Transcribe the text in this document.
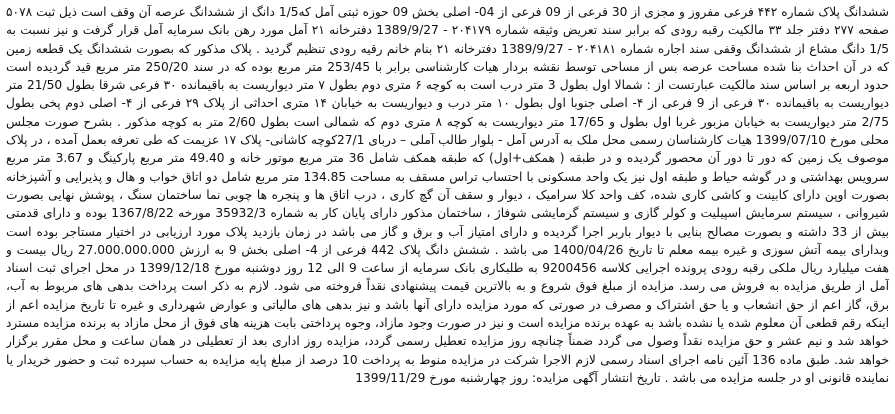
ششدانگ پلاک شماره ۴۴۲ فرعی مفروز و مجزی از 30 فرعی از 09 فرعی از 04- اصلی بخش 09 حوزه ثبتی آمل که1/5 دانگ از ششدانگ عرصه آن وقف است ذیل ثبت ۵۰۷۸ صفحه ۲۷۷ دفتر جلد ۳۳ مالکیت رقبه رودی که برابر سند تعریض وثیقه شماره ۲۰۴۱۷۹ - 1389/9/27 دفترخانه ۲۱ آمل مورد رهن بانک سرمایه آمل قرار گرفت و نیز نسبت به 1/5 دانگ مشاع از ششدانگ وقفی سند اجاره شماره ۲۰۴۱۸۱ - 1389/9/27 دفترخانه ۲۱ بنام خانم رقیه رودی تنظیم گردید . پلاک مذکور که بصورت ششدانگ یک قطعه زمین که در آن احداث بنا شده مساحت عرصه بس از مساحی توسط نقشه بردار هیات کارشناسی برابر با 253/45 متر مربع بوده که در سند 250/20 متر مربع قید گردیده است حدود اربعه بر اساس سند مالکیت عبارتست از : شمالا اول بطول 3 متر درب است به کوچه ۶ متری دوم بطول ۷ متر دیواریست به باقیمانده ۳۰ فرعی شرقا بطول 21/50 متر دیواریست به باقیمانده ۳۰ فرعی از 9 فرعی از ۴- اصلی جنوبا اول بطول ۱۰ متر درب و دیواریست به خیابان ۱۴ متری احداثی از پلاک ۲۹ فرعی از ۴- اصلی دوم پخی بطول 2/75 متر دیواریست به خیابان مزبور غربا اول بطول و 17/65 متر دیواریست به کوچه ۸ متری دوم که شمالی است بطول 2/60 متر به کوچه مذکور . بشرح صورت مجلس محلی مورخ 1399/07/10 هیات کارشناسان رسمی محل ملک به آدرس آمل - بلوار طالب آملی – دربای 27/1کوچه کاشانی- پلاک ۱۷ عزیمت که طی تعرفه بعمل آمده ، در پلاک موصوف یک زمین که دور تا دور آن محصور گردیده و در طبقه ( همکف+اول) که طبقه همکف شامل 36 متر مربع موتور خانه و 49.40 متر مربع پارکینگ و 3.67 متر مربع سرویس بهداشتی و در گوشه حیاط و طبقه اول نیز یک واحد مسکونی با احتساب تراس مسقف به مساحت 134.85 متر مربع شامل دو اتاق خواب و هال و پذیرایی و آشپزخانه بصورت اوپن دارای کابینت و کاشی کاری شده، کف واحد کلا سرامیک ، دیوار و سقف آن گچ کاری ، درب اتاق ها و پنجره ها چوبی نما ساختمان سنگ ، پوشش نهایی بصورت شیروانی ، سیستم سرمایش اسپیلیت و کولر گازی و سیستم گرمایشی شوفاژ ، ساختمان مذکور دارای پایان کار به شماره 35932/3 مورخه 1367/8/22 بوده و دارای قدمتی بیش از 33 داشته و بصورت مصالح بنایی با دیوار باربر اجرا گردیده و دارای امتیاز آب و برق و گاز می باشد در زمان بازدید پلاک مورد ارزیابی در اختیار مستاجر بوده است وبدارای بیمه آتش سوزی و غیره بیمه معلم تا تاریخ 1400/04/26 می باشد . ششش دانگ پلاک 442 فرعی از 4- اصلی بخش 9 به ارزش 27.000.000.000 ریال بیست و هفت میلیارد ریال ملکی رقبه رودی پرونده اجرایی کلاسه 9200456 به طلبکاری بانک سرمایه از ساعت 9 الی 12 روز دوشنبه مورخ 1399/12/18 در محل اجرای ثبت اسناد آمل از طریق مزایده به فروش می رسد. مزایده از مبلغ فوق شروع و به بالاترین قیمت پیشنهادی نقداً فروخته می شود. لازم به ذکر است پرداخت بدهی های مربوط به آب، برق، گاز اعم از حق انشعاب و یا حق اشتراک و مصرف در صورتی که مورد مزایده دارای آنها باشد و نیز بدهی های مالیاتی و عوارض شهرداری و غیره تا تاریخ مزایده اعم از اینکه رقم قطعی آن معلوم شده یا نشده باشد به عهده برنده مزایده است و نیز در صورت وجود مازاد، وجوه پرداختی بابت هزینه های فوق از محل مازاد به برنده مزایده مسترد خواهد شد و نیم عشر و حق مزایده نقداً وصول می گردد ضمناً چنانچه روز مزایده تعطیل رسمی گردد، مزایده روز اداری بعد از تعطیلی در همان ساعت و محل مقرر برگزار خواهد شد. طبق ماده 136 آئین نامه اجرای اسناد رسمی لازم الاجرا شرکت در مزایده منوط به پرداخت 10 درصد از مبلغ پایه مزایده به حساب سپرده ثبت و حضور خریدار یا نماینده قانونی او در جلسه مزایده می باشد . تاریخ انتشار آگهی مزایده: روز چهارشنبه مورخ 1399/11/29
